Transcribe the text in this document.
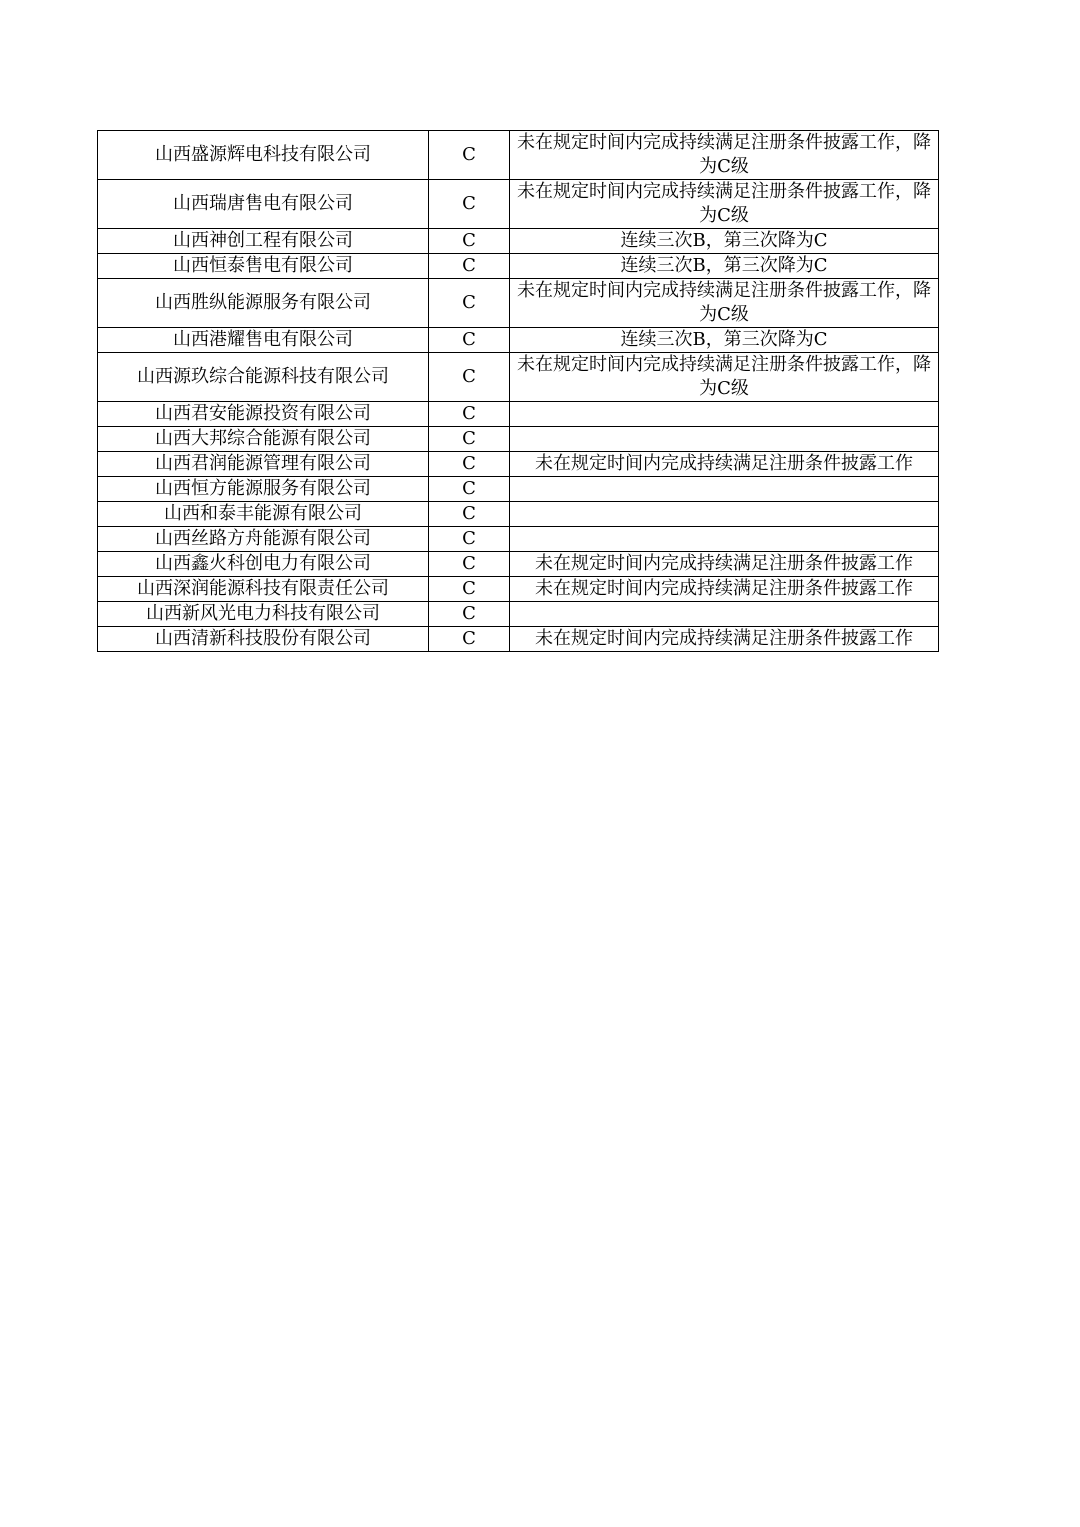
山西盛源辉电科技有限公司	C	未在规定时间内完成持续满足注册条件披露工作，降为C级
山西瑞唐售电有限公司	C	未在规定时间内完成持续满足注册条件披露工作，降为C级
山西神创工程有限公司	C	连续三次B，第三次降为C
山西恒泰售电有限公司	C	连续三次B，第三次降为C
山西胜纵能源服务有限公司	C	未在规定时间内完成持续满足注册条件披露工作，降为C级
山西港耀售电有限公司	C	连续三次B，第三次降为C
山西源玖综合能源科技有限公司	C	未在规定时间内完成持续满足注册条件披露工作，降为C级
山西君安能源投资有限公司	C	
山西大邦综合能源有限公司	C	
山西君润能源管理有限公司	C	未在规定时间内完成持续满足注册条件披露工作
山西恒方能源服务有限公司	C	
山西和泰丰能源有限公司	C	
山西丝路方舟能源有限公司	C	
山西鑫火科创电力有限公司	C	未在规定时间内完成持续满足注册条件披露工作
山西深润能源科技有限责任公司	C	未在规定时间内完成持续满足注册条件披露工作
山西新风光电力科技有限公司	C	
山西清新科技股份有限公司	C	未在规定时间内完成持续满足注册条件披露工作
